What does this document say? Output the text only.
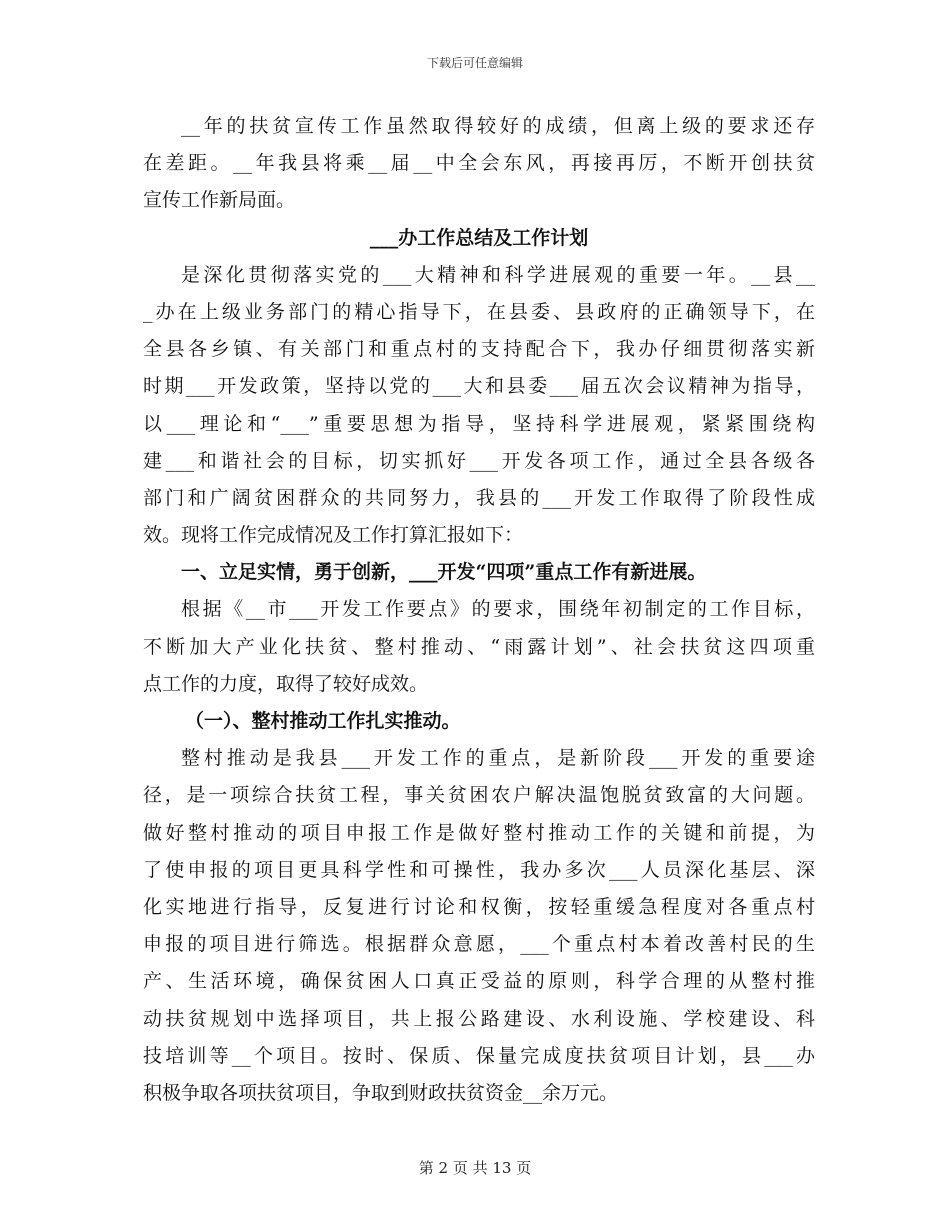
下载后可任意编辑
__年的扶贫宣传工作虽然取得较好的成绩，但离上级的要求还存
在差距。__年我县将乘__届__中全会东风，再接再厉，不断开创扶贫
宣传工作新局面。
___办工作总结及工作计划
是深化贯彻落实党的___大精神和科学进展观的重要一年。__县__
_办在上级业务部门的精心指导下，在县委、县政府的正确领导下，在
全县各乡镇、有关部门和重点村的支持配合下，我办仔细贯彻落实新
时期___开发政策，坚持以党的___大和县委___届五次会议精神为指导，
以___理论和“___”重要思想为指导，坚持科学进展观，紧紧围绕构
建___和谐社会的目标，切实抓好___开发各项工作，通过全县各级各
部门和广阔贫困群众的共同努力，我县的___开发工作取得了阶段性成
效。现将工作完成情况及工作打算汇报如下：
一、立足实情，勇于创新，___开发“四项”重点工作有新进展。
根据《__市___开发工作要点》的要求，围绕年初制定的工作目标，
不断加大产业化扶贫、整村推动、“雨露计划”、社会扶贫这四项重
点工作的力度，取得了较好成效。
（一）、整村推动工作扎实推动。
整村推动是我县___开发工作的重点，是新阶段___开发的重要途
径，是一项综合扶贫工程，事关贫困农户解决温饱脱贫致富的大问题。
做好整村推动的项目申报工作是做好整村推动工作的关键和前提，为
了使申报的项目更具科学性和可操性，我办多次___人员深化基层、深
化实地进行指导，反复进行讨论和权衡，按轻重缓急程度对各重点村
申报的项目进行筛选。根据群众意愿，___个重点村本着改善村民的生
产、生活环境，确保贫困人口真正受益的原则，科学合理的从整村推
动扶贫规划中选择项目，共上报公路建设、水利设施、学校建设、科
技培训等__个项目。按时、保质、保量完成度扶贫项目计划，县___办
积极争取各项扶贫项目，争取到财政扶贫资金__余万元。
第 2 页 共 13 页
